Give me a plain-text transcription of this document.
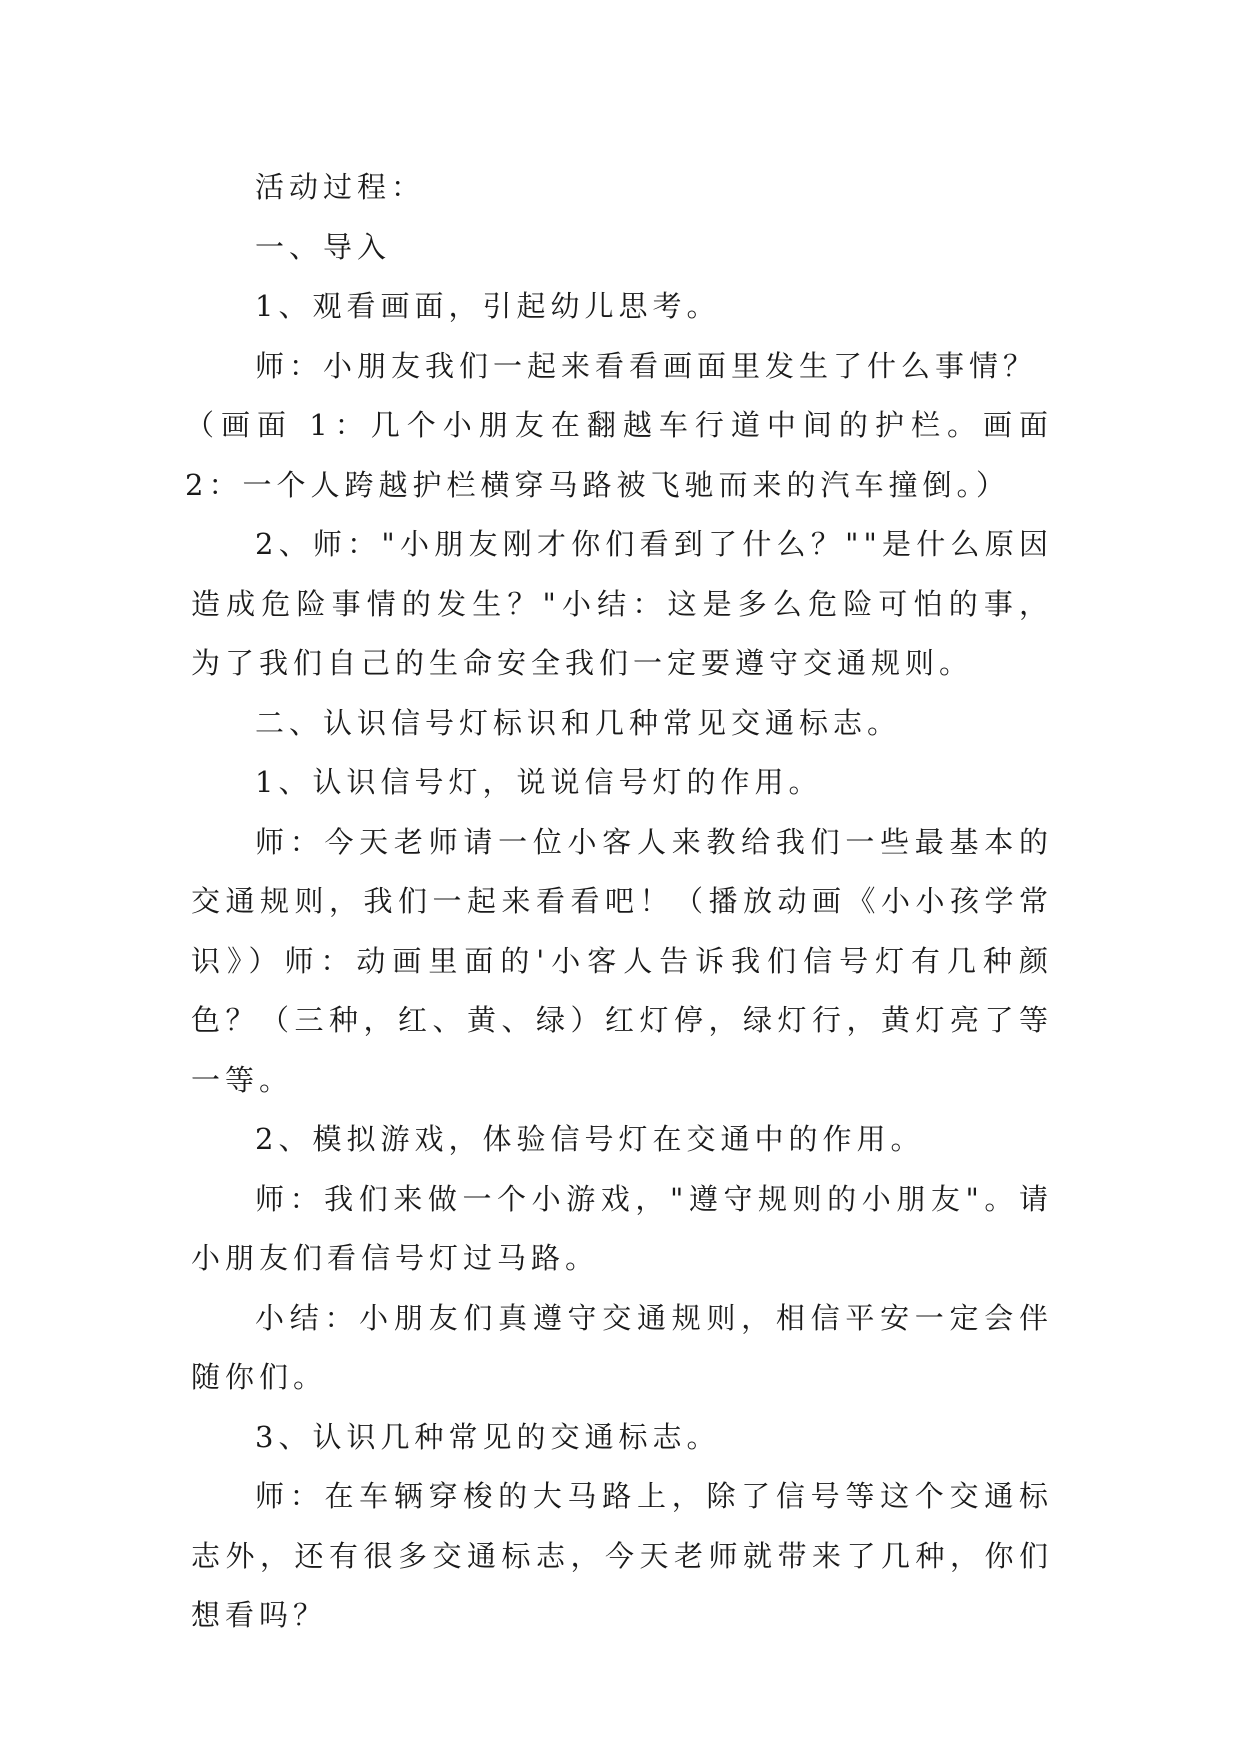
活动过程：

一、导入

1、观看画面，引起幼儿思考。

师：小朋友我们一起来看看画面里发生了什么事情？

（画面 1：几个小朋友在翻越车行道中间的护栏。画面 2：一个人跨越护栏横穿马路被飞驰而来的汽车撞倒。）

2、师："小朋友刚才你们看到了什么？""是什么原因造成危险事情的发生？"小结：这是多么危险可怕的事，为了我们自己的生命安全我们一定要遵守交通规则。

二、认识信号灯标识和几种常见交通标志。

1、认识信号灯，说说信号灯的作用。

师：今天老师请一位小客人来教给我们一些最基本的交通规则，我们一起来看看吧！（播放动画《小小孩学常识》）师：动画里面的'小客人告诉我们信号灯有几种颜色？（三种，红、黄、绿）红灯停，绿灯行，黄灯亮了等一等。

2、模拟游戏，体验信号灯在交通中的作用。

师：我们来做一个小游戏，"遵守规则的小朋友"。请小朋友们看信号灯过马路。

小结：小朋友们真遵守交通规则，相信平安一定会伴随你们。

3、认识几种常见的交通标志。

师：在车辆穿梭的大马路上，除了信号等这个交通标志外，还有很多交通标志，今天老师就带来了几种，你们想看吗？
